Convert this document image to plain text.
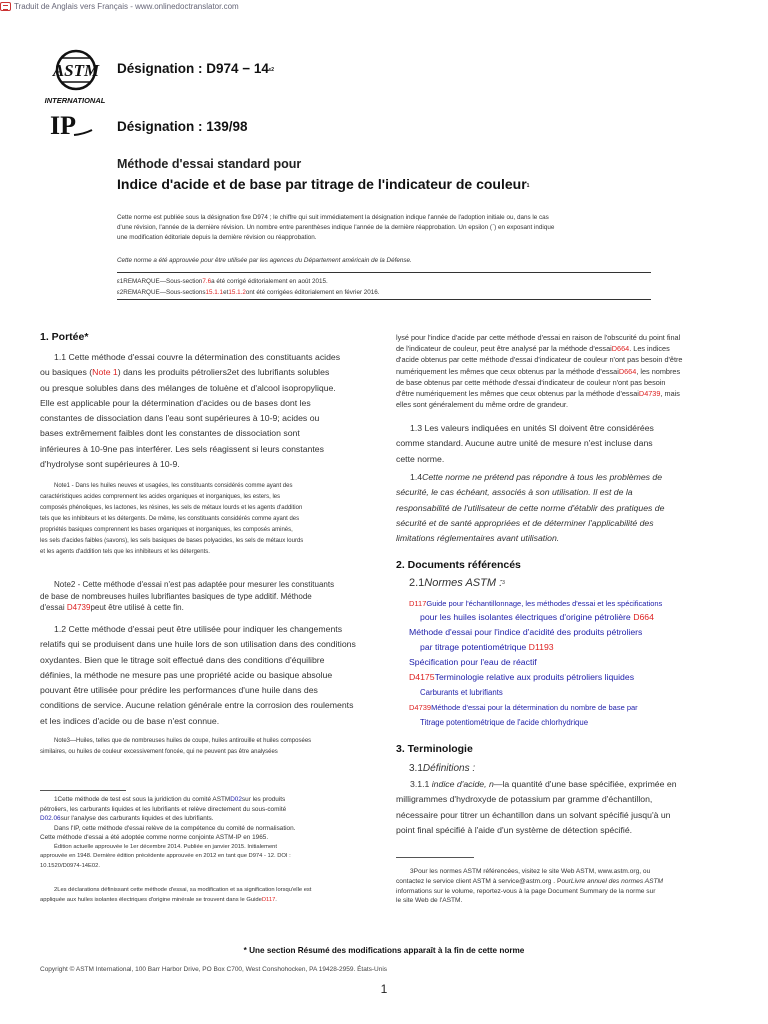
Traduit de Anglais vers Français - www.onlinedoctranslator.com
ASTM
INTERNATIONAL
IP
Désignation : $D974 - 14^{\varepsilon 2}$
Désignation : 139/98
Méthode d'essai standard pour
Indice d'acide et de base par titrage de l'indicateur de couleur$^1$
Cette norme est publiée sous la désignation fixe D974 ; le chiffre qui suit immédiatement la désignation indique l'année de l'adoption initiale ou, dans le cas
d'une révision, l'année de la dernière révision. Un nombre entre parenthèses indique l'année de la dernière réapprobation. Un epsilon (ˊ) en exposant indique
une modification éditoriale depuis la dernière révision ou réapprobation.
Cette norme a été approuvée pour être utilisée par les agences du Département américain de la Défense.
ε1REMARQUE—Sous-section7.6a été corrigé éditorialement en août 2015.
ε2REMARQUE—Sous-sections15.1.1et15.1.2ont été corrigées éditorialement en février 2016.
1. Portée*

1.1 Cette méthode d'essai couvre la détermination des constituants acides

ou basiques (Note 1) dans les produits pétroliers2et des lubrifiants solubles

ou presque solubles dans des mélanges de toluène et d'alcool isopropylique.

Elle est applicable pour la détermination d'acides ou de bases dont les

constantes de dissociation dans l'eau sont supérieures à 10-9; acides ou

bases extrêmement faibles dont les constantes de dissociation sont

inférieures à 10-9ne pas interférer. Les sels réagissent si leurs constantes

d'hydrolyse sont supérieures à 10-9.

Note1 - Dans les huiles neuves et usagées, les constituants considérés comme ayant des
caractéristiques acides comprennent les acides organiques et inorganiques, les esters, les
composés phénoliques, les lactones, les résines, les sels de métaux lourds et les agents d'addition
tels que les inhibiteurs et les détergents. De même, les constituants considérés comme ayant des
propriétés basiques comprennent les bases organiques et inorganiques, les composés aminés,
les sels d'acides faibles (savons), les sels basiques de bases polyacides, les sels de métaux lourds
et les agents d'addition tels que les inhibiteurs et les détergents.
Note2 - Cette méthode d'essai n'est pas adaptée pour mesurer les constituants
de base de nombreuses huiles lubrifiantes basiques de type additif. Méthode
d'essai D4739peut être utilisé à cette fin.

1.2 Cette méthode d'essai peut être utilisée pour indiquer les changements

relatifs qui se produisent dans une huile lors de son utilisation dans des conditions

oxydantes. Bien que le titrage soit effectué dans des conditions d'équilibre

définies, la méthode ne mesure pas une propriété acide ou basique absolue

pouvant être utilisée pour prédire les performances d'une huile dans des

conditions de service. Aucune relation générale entre la corrosion des roulements

et les indices d'acide ou de base n'est connue.

Note3—Huiles, telles que de nombreuses huiles de coupe, huiles antirouille et huiles composées
similaires, ou huiles de couleur excessivement foncée, qui ne peuvent pas être analysées
1Cette méthode de test est sous la juridiction du comité ASTMD02sur les produits
pétroliers, les carburants liquides et les lubrifiants et relève directement du sous-comité
D02.06sur l'analyse des carburants liquides et des lubrifiants.
Dans l'IP, cette méthode d'essai relève de la compétence du comité de normalisation.
Cette méthode d'essai a été adoptée comme norme conjointe ASTM-IP en 1965.
Édition actuelle approuvée le 1er décembre 2014. Publiée en janvier 2015. Initialement
approuvée en 1948. Dernière édition précédente approuvée en 2012 en tant que D974 - 12. DOI :
10.1520/D0974-14E02.
2Les déclarations définissant cette méthode d'essai, sa modification et sa signification lorsqu'elle est
appliquée aux huiles isolantes électriques d'origine minérale se trouvent dans le GuideD117.
lysé pour l'indice d'acide par cette méthode d'essai en raison de l'obscurité du point final
de l'indicateur de couleur, peut être analysé par la méthode d'essaiD664. Les indices
d'acide obtenus par cette méthode d'essai d'indicateur de couleur n'ont pas besoin d'être
numériquement les mêmes que ceux obtenus par la méthode d'essaiD664, les nombres
de base obtenus par cette méthode d'essai d'indicateur de couleur n'ont pas besoin
d'être numériquement les mêmes que ceux obtenus par la méthode d'essaiD4739, mais
elles sont généralement du même ordre de grandeur.

1.3 Les valeurs indiquées en unités SI doivent être considérées

comme standard. Aucune autre unité de mesure n'est incluse dans

cette norme.

1.4Cette norme ne prétend pas répondre à tous les problèmes de

sécurité, le cas échéant, associés à son utilisation. Il est de la

responsabilité de l'utilisateur de cette norme d'établir des pratiques de

sécurité et de santé appropriées et de déterminer l'applicabilité des

limitations réglementaires avant utilisation.

2. Documents référencés
2.1Normes ASTM :$^3$
D117Guide pour l'échantillonnage, les méthodes d'essai et les spécifications
pour les huiles isolantes électriques d'origine pétrolière D664
Méthode d'essai pour l'indice d'acidité des produits pétroliers
par titrage potentiométrique D1193
Spécification pour l'eau de réactif
D4175Terminologie relative aux produits pétroliers liquides
Carburants et lubrifiants
D4739Méthode d'essai pour la détermination du nombre de base par
Titrage potentiométrique de l'acide chlorhydrique
3. Terminologie
3.1Définitions :

3.1.1 indice d'acide, n—la quantité d'une base spécifiée, exprimée en

milligrammes d'hydroxyde de potassium par gramme d'échantillon,

nécessaire pour titrer un échantillon dans un solvant spécifié jusqu'à un

point final spécifié à l'aide d'un système de détection spécifié.

3Pour les normes ASTM référencées, visitez le site Web ASTM, www.astm.org, ou
contactez le service client ASTM à service@astm.org . PourLivre annuel des normes ASTM
informations sur le volume, reportez-vous à la page Document Summary de la norme sur
le site Web de l'ASTM.
* Une section Résumé des modifications apparaît à la fin de cette norme
Copyright © ASTM International, 100 Barr Harbor Drive, PO Box C700, West Conshohocken, PA 19428-2959. États-Unis
1
